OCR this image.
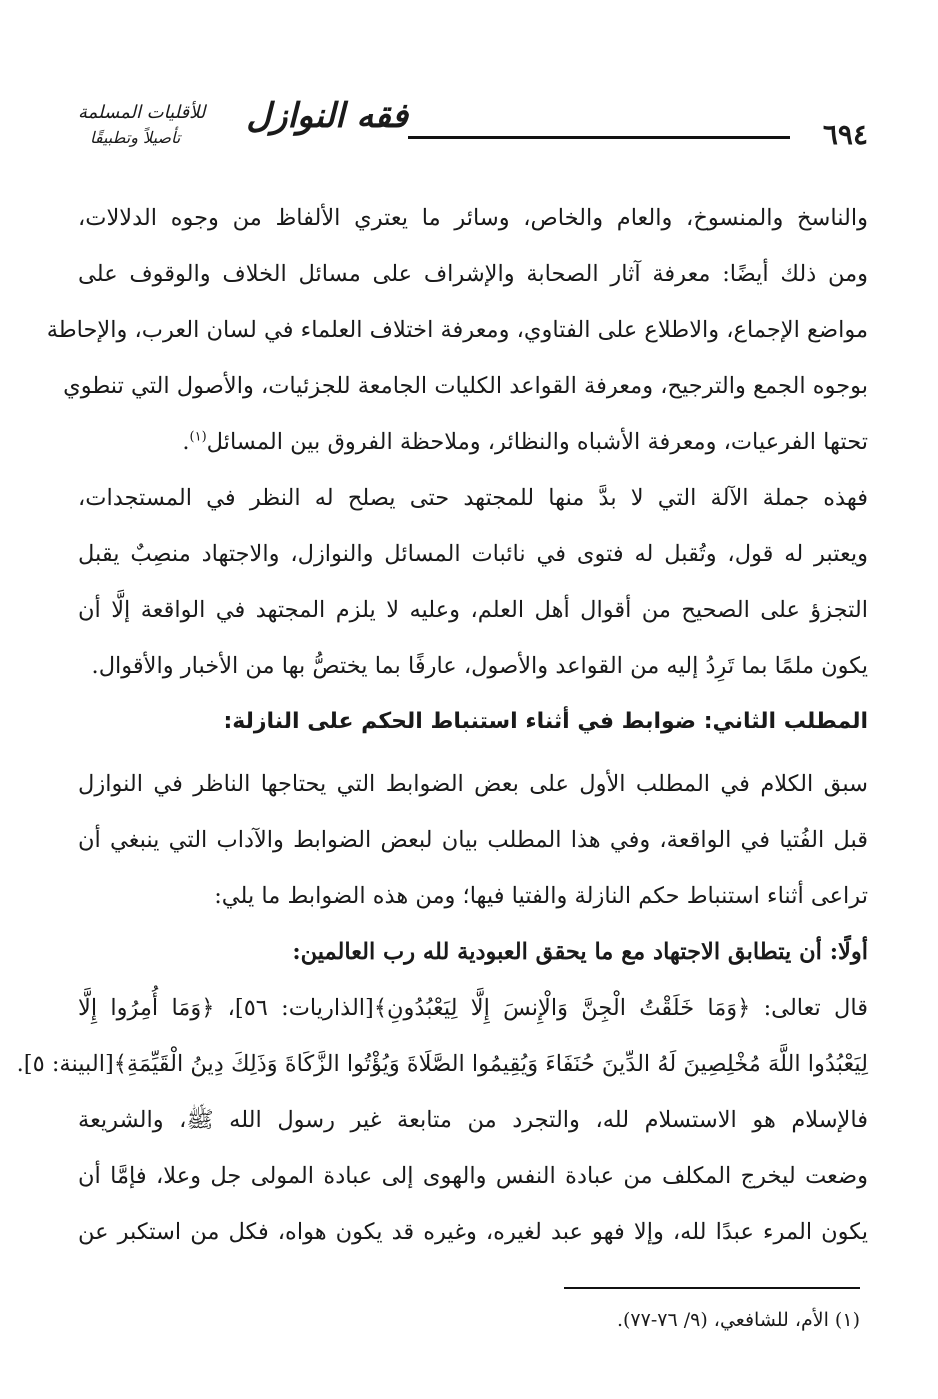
فقه النوازل
للأقليات المسلمة
تأصيلاً وتطبيقًا	٦٩٤
والناسخ والمنسوخ، والعام والخاص، وسائر ما يعتري الألفاظ من وجوه الدلالات،
ومن ذلك أيضًا: معرفة آثار الصحابة والإشراف على مسائل الخلاف والوقوف على
مواضع الإجماع، والاطلاع على الفتاوي، ومعرفة اختلاف العلماء في لسان العرب، والإحاطة
بوجوه الجمع والترجيح، ومعرفة القواعد الكليات الجامعة للجزئيات، والأصول التي تنطوي
تحتها الفرعيات، ومعرفة الأشباه والنظائر، وملاحظة الفروق بين المسائل$^{(١)}$.
فهذه جملة الآلة التي لا بدَّ منها للمجتهد حتى يصلح له النظر في المستجدات،
ويعتبر له قول، وتُقبل له فتوى في نائبات المسائل والنوازل، والاجتهاد منصِبٌ يقبل
التجزؤ على الصحيح من أقوال أهل العلم، وعليه لا يلزم المجتهد في الواقعة إلَّا أن
يكون ملمًا بما تَرِدُ إليه من القواعد والأصول، عارفًا بما يختصُّ بها من الأخبار والأقوال.
المطلب الثاني: ضوابط في أثناء استنباط الحكم على النازلة:
سبق الكلام في المطلب الأول على بعض الضوابط التي يحتاجها الناظر في النوازل
قبل الفُتيا في الواقعة، وفي هذا المطلب بيان لبعض الضوابط والآداب التي ينبغي أن
تراعى أثناء استنباط حكم النازلة والفتيا فيها؛ ومن هذه الضوابط ما يلي:
أولًا: أن يتطابق الاجتهاد مع ما يحقق العبودية لله رب العالمين:
قال تعالى: ﴿وَمَا خَلَقْتُ الْجِنَّ وَالْإِنسَ إِلَّا لِيَعْبُدُونِ﴾[الذاريات: ٥٦]، ﴿وَمَا أُمِرُوا إِلَّا
لِيَعْبُدُوا اللَّهَ مُخْلِصِينَ لَهُ الدِّينَ حُنَفَاءَ وَيُقِيمُوا الصَّلَاةَ وَيُؤْتُوا الزَّكَاةَ وَذَلِكَ دِينُ الْقَيِّمَةِ﴾[البينة: ٥].
فالإسلام هو الاستسلام لله، والتجرد من متابعة غير رسول الله ﷺ، والشريعة
وضعت ليخرج المكلف من عبادة النفس والهوى إلى عبادة المولى جل وعلا، فإمَّا أن
يكون المرء عبدًا لله، وإلا فهو عبد لغيره، وغيره قد يكون هواه، فكل من استكبر عن
(١) الأم، للشافعي، (٩/ ٧٦-٧٧).
